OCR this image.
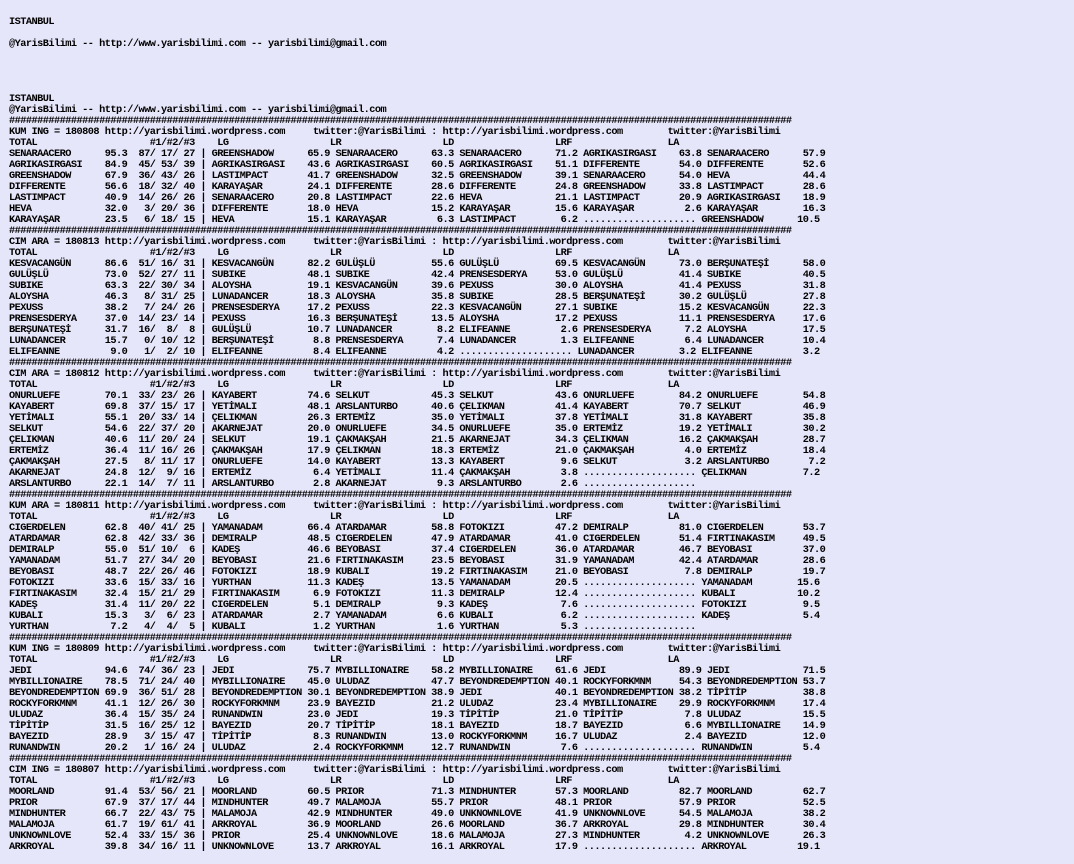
ISTANBUL

@YarisBilimi -- http://www.yarisbilimi.com -- yarisbilimi@gmail.com

ISTANBUL
@YarisBilimi -- http://www.yarisbilimi.com -- yarisbilimi@gmail.com
###########################################################################################################################################
KUM ING = 180808 http://yarisbilimi.wordpress.com     twitter:@YarisBilimi : http://yarisbilimi.wordpress.com        twitter:@YarisBilimi
TOTAL                    #1/#2/#3    LG                  LR                  LD                  LRF                 LA
SENARAACERO      95.3  87/ 17/ 27 | GREENSHADOW      65.9 SENARAACERO      63.3 SENARAACERO      71.2 AGRIKASIRGASI    63.8 SENARAACERO      57.9
AGRIKASIRGASI    84.9  45/ 53/ 39 | AGRIKASIRGASI    43.6 AGRIKASIRGASI    60.5 AGRIKASIRGASI    51.1 DIFFERENTE       54.0 DIFFERENTE       52.6
GREENSHADOW      67.9  36/ 43/ 26 | LASTIMPACT       41.7 GREENSHADOW      32.5 GREENSHADOW      39.1 SENARAACERO      54.0 HEVA             44.4
DIFFERENTE       56.6  18/ 32/ 40 | KARAYAŞAR        24.1 DIFFERENTE       28.6 DIFFERENTE       24.8 GREENSHADOW      33.8 LASTIMPACT       28.6
LASTIMPACT       40.9  14/ 26/ 26 | SENARAACERO      20.8 LASTIMPACT       22.6 HEVA             21.1 LASTIMPACT       20.9 AGRIKASIRGASI    18.9
HEVA             32.0   3/ 20/ 36 | DIFFERENTE       18.0 HEVA             15.2 KARAYAŞAR        15.6 KARAYAŞAR         2.6 KARAYAŞAR        16.3
KARAYAŞAR        23.5   6/ 18/ 15 | HEVA             15.1 KARAYAŞAR         6.3 LASTIMPACT        6.2 .................... GREENSHADOW      10.5
###########################################################################################################################################
CIM ARA = 180813 http://yarisbilimi.wordpress.com     twitter:@YarisBilimi : http://yarisbilimi.wordpress.com        twitter:@YarisBilimi
TOTAL                    #1/#2/#3    LG                  LR                  LD                  LRF                 LA
KESVACANGÜN      86.6  51/ 16/ 31 | KESVACANGÜN      82.2 GULÜŞLÜ          55.6 GULÜŞLÜ          69.5 KESVACANGÜN      73.0 BERŞUNATEŞİ      58.0
GULÜŞLÜ          73.0  52/ 27/ 11 | SUBIKE           48.1 SUBIKE           42.4 PRENSESDERYA     53.0 GULÜŞLÜ          41.4 SUBIKE           40.5
SUBIKE           63.3  22/ 30/ 34 | ALOYSHA          19.1 KESVACANGÜN      39.6 PEXUSS           30.0 ALOYSHA          41.4 PEXUSS           31.8
ALOYSHA          46.3   8/ 31/ 25 | LUNADANCER       18.3 ALOYSHA          35.8 SUBIKE           28.5 BERŞUNATEŞİ      30.2 GULÜŞLÜ          27.8
PEXUSS           38.2   7/ 24/ 26 | PRENSESDERYA     17.2 PEXUSS           22.3 KESVACANGÜN      27.1 SUBIKE           15.2 KESVACANGÜN      22.3
PRENSESDERYA     37.0  14/ 23/ 14 | PEXUSS           16.3 BERŞUNATEŞİ      13.5 ALOYSHA          17.2 PEXUSS           11.1 PRENSESDERYA     17.6
BERŞUNATEŞİ      31.7  16/  8/  8 | GULÜŞLÜ          10.7 LUNADANCER        8.2 ELIFEANNE         2.6 PRENSESDERYA      7.2 ALOYSHA          17.5
LUNADANCER       15.7   0/ 10/ 12 | BERŞUNATEŞİ       8.8 PRENSESDERYA      7.4 LUNADANCER        1.3 ELIFEANNE         6.4 LUNADANCER       10.4
ELIFEANNE         9.0   1/  2/ 10 | ELIFEANNE         8.4 ELIFEANNE         4.2 .................... LUNADANCER        3.2 ELIFEANNE         3.2
###########################################################################################################################################
CIM ARA = 180812 http://yarisbilimi.wordpress.com     twitter:@YarisBilimi : http://yarisbilimi.wordpress.com        twitter:@YarisBilimi
TOTAL                    #1/#2/#3    LG                  LR                  LD                  LRF                 LA
ONURLUEFE        70.1  33/ 23/ 26 | KAYABERT         74.6 SELKUT           45.3 SELKUT           43.6 ONURLUEFE        84.2 ONURLUEFE        54.8
KAYABERT         69.8  37/ 15/ 17 | YETİMALI         48.1 ARSLANTURBO      40.6 ÇELIKMAN         41.4 KAYABERT         70.7 SELKUT           46.9
YETİMALI         55.1  20/ 33/ 14 | ÇELIKMAN         26.3 ERTEMİZ          35.0 YETİMALI         37.8 YETİMALI         31.8 KAYABERT         35.8
SELKUT           54.6  22/ 37/ 20 | AKARNEJAT        20.0 ONURLUEFE        34.5 ONURLUEFE        35.0 ERTEMİZ          19.2 YETİMALI         30.2
ÇELIKMAN         40.6  11/ 20/ 24 | SELKUT           19.1 ÇAKMAKŞAH        21.5 AKARNEJAT        34.3 ÇELIKMAN         16.2 ÇAKMAKŞAH        28.7
ERTEMİZ          36.4  11/ 16/ 26 | ÇAKMAKŞAH        17.9 ÇELIKMAN         18.3 ERTEMİZ          21.0 ÇAKMAKŞAH         4.0 ERTEMİZ          18.4
ÇAKMAKŞAH        27.5   8/ 11/ 17 | ONURLUEFE        14.0 KAYABERT         13.3 KAYABERT          9.6 SELKUT            3.2 ARSLANTURBO       7.2
AKARNEJAT        24.8  12/  9/ 16 | ERTEMİZ           6.4 YETİMALI         11.4 ÇAKMAKŞAH         3.8 .................... ÇELIKMAN          7.2
ARSLANTURBO      22.1  14/  7/ 11 | ARSLANTURBO       2.8 AKARNEJAT         9.3 ARSLANTURBO       2.6 ....................
###########################################################################################################################################
KUM ARA = 180811 http://yarisbilimi.wordpress.com     twitter:@YarisBilimi : http://yarisbilimi.wordpress.com        twitter:@YarisBilimi
TOTAL                    #1/#2/#3    LG                  LR                  LD                  LRF                 LA
CIGERDELEN       62.8  40/ 41/ 25 | YAMANADAM        66.4 ATARDAMAR        58.8 FOTOKIZI         47.2 DEMIRALP         81.0 CIGERDELEN       53.7
ATARDAMAR        62.8  42/ 33/ 36 | DEMIRALP         48.5 CIGERDELEN       47.9 ATARDAMAR        41.0 CIGERDELEN       51.4 FIRTINAKASIM     49.5
DEMIRALP         55.0  51/ 10/  6 | KADEŞ            46.6 BEYOBASI         37.4 CIGERDELEN       36.0 ATARDAMAR        46.7 BEYOBASI         37.0
YAMANADAM        51.7  27/ 34/ 20 | BEYOBASI         21.6 FIRTINAKASIM     23.5 BEYOBASI         31.9 YAMANADAM        42.4 ATARDAMAR        28.6
BEYOBASI         48.7  22/ 26/ 46 | FOTOKIZI         18.9 KUBALI           19.2 FIRTINAKASIM     21.0 BEYOBASI          7.8 DEMIRALP         19.7
FOTOKIZI         33.6  15/ 33/ 16 | YURTHAN          11.3 KADEŞ            13.5 YAMANADAM        20.5 .................... YAMANADAM        15.6
FIRTINAKASIM     32.4  15/ 21/ 29 | FIRTINAKASIM      6.9 FOTOKIZI         11.3 DEMIRALP         12.4 .................... KUBALI           10.2
KADEŞ            31.4  11/ 20/ 22 | CIGERDELEN        5.1 DEMIRALP          9.3 KADEŞ             7.6 .................... FOTOKIZI          9.5
KUBALI           15.3   3/  6/ 23 | ATARDAMAR         2.7 YAMANADAM         6.6 KUBALI            6.2 .................... KADEŞ             5.4
YURTHAN           7.2   4/  4/  5 | KUBALI            1.2 YURTHAN           1.6 YURTHAN           5.3 ....................
###########################################################################################################################################
KUM ING = 180809 http://yarisbilimi.wordpress.com     twitter:@YarisBilimi : http://yarisbilimi.wordpress.com        twitter:@YarisBilimi
TOTAL                    #1/#2/#3    LG                  LR                  LD                  LRF                 LA
JEDI             94.6  74/ 36/ 23 | JEDI             75.7 MYBILLIONAIRE    58.2 MYBILLIONAIRE    61.6 JEDI             89.9 JEDI             71.5
MYBILLIONAIRE    78.5  71/ 24/ 40 | MYBILLIONAIRE    45.0 ULUDAZ           47.7 BEYONDREDEMPTION 40.1 ROCKYFORKMNM     54.3 BEYONDREDEMPTION 53.7
BEYONDREDEMPTION 69.9  36/ 51/ 28 | BEYONDREDEMPTION 30.1 BEYONDREDEMPTION 38.9 JEDI             40.1 BEYONDREDEMPTION 38.2 TİPİTİP          38.8
ROCKYFORKMNM     41.1  12/ 26/ 30 | ROCKYFORKMNM     23.9 BAYEZID          21.2 ULUDAZ           23.4 MYBILLIONAIRE    29.9 ROCKYFORKMNM     17.4
ULUDAZ           36.4  15/ 35/ 24 | RUNANDWIN        23.0 JEDI             19.3 TİPİTİP          21.0 TİPİTİP           7.8 ULUDAZ           15.5
TİPİTİP          31.5  16/ 25/ 12 | BAYEZID          20.7 TİPİTİP          18.1 BAYEZID          18.7 BAYEZID           6.6 MYBILLIONAIRE    14.9
BAYEZID          28.9   3/ 15/ 47 | TİPİTİP           8.3 RUNANDWIN        13.0 ROCKYFORKMNM     16.7 ULUDAZ            2.4 BAYEZID          12.0
RUNANDWIN        20.2   1/ 16/ 24 | ULUDAZ            2.4 ROCKYFORKMNM     12.7 RUNANDWIN         7.6 .................... RUNANDWIN         5.4
###########################################################################################################################################
CIM ING = 180807 http://yarisbilimi.wordpress.com     twitter:@YarisBilimi : http://yarisbilimi.wordpress.com        twitter:@YarisBilimi
TOTAL                    #1/#2/#3    LG                  LR                  LD                  LRF                 LA
MOORLAND         91.4  53/ 56/ 21 | MOORLAND         60.5 PRIOR            71.3 MINDHUNTER       57.3 MOORLAND         82.7 MOORLAND         62.7
PRIOR            67.9  37/ 17/ 44 | MINDHUNTER       49.7 MALAMOJA         55.7 PRIOR            48.1 PRIOR            57.9 PRIOR            52.5
MINDHUNTER       66.7  22/ 43/ 75 | MALAMOJA         42.9 MINDHUNTER       49.0 UNKNOWNLOVE      41.9 UNKNOWNLOVE      54.5 MALAMOJA         38.2
MALAMOJA         61.7  19/ 61/ 41 | ARKROYAL         36.9 MOORLAND         26.6 MOORLAND         36.7 ARKROYAL         29.8 MINDHUNTER       30.4
UNKNOWNLOVE      52.4  33/ 15/ 36 | PRIOR            25.4 UNKNOWNLOVE      18.6 MALAMOJA         27.3 MINDHUNTER        4.2 UNKNOWNLOVE      26.3
ARKROYAL         39.8  34/ 16/ 11 | UNKNOWNLOVE      13.7 ARKROYAL         16.1 ARKROYAL         17.9 .................... ARKROYAL         19.1
